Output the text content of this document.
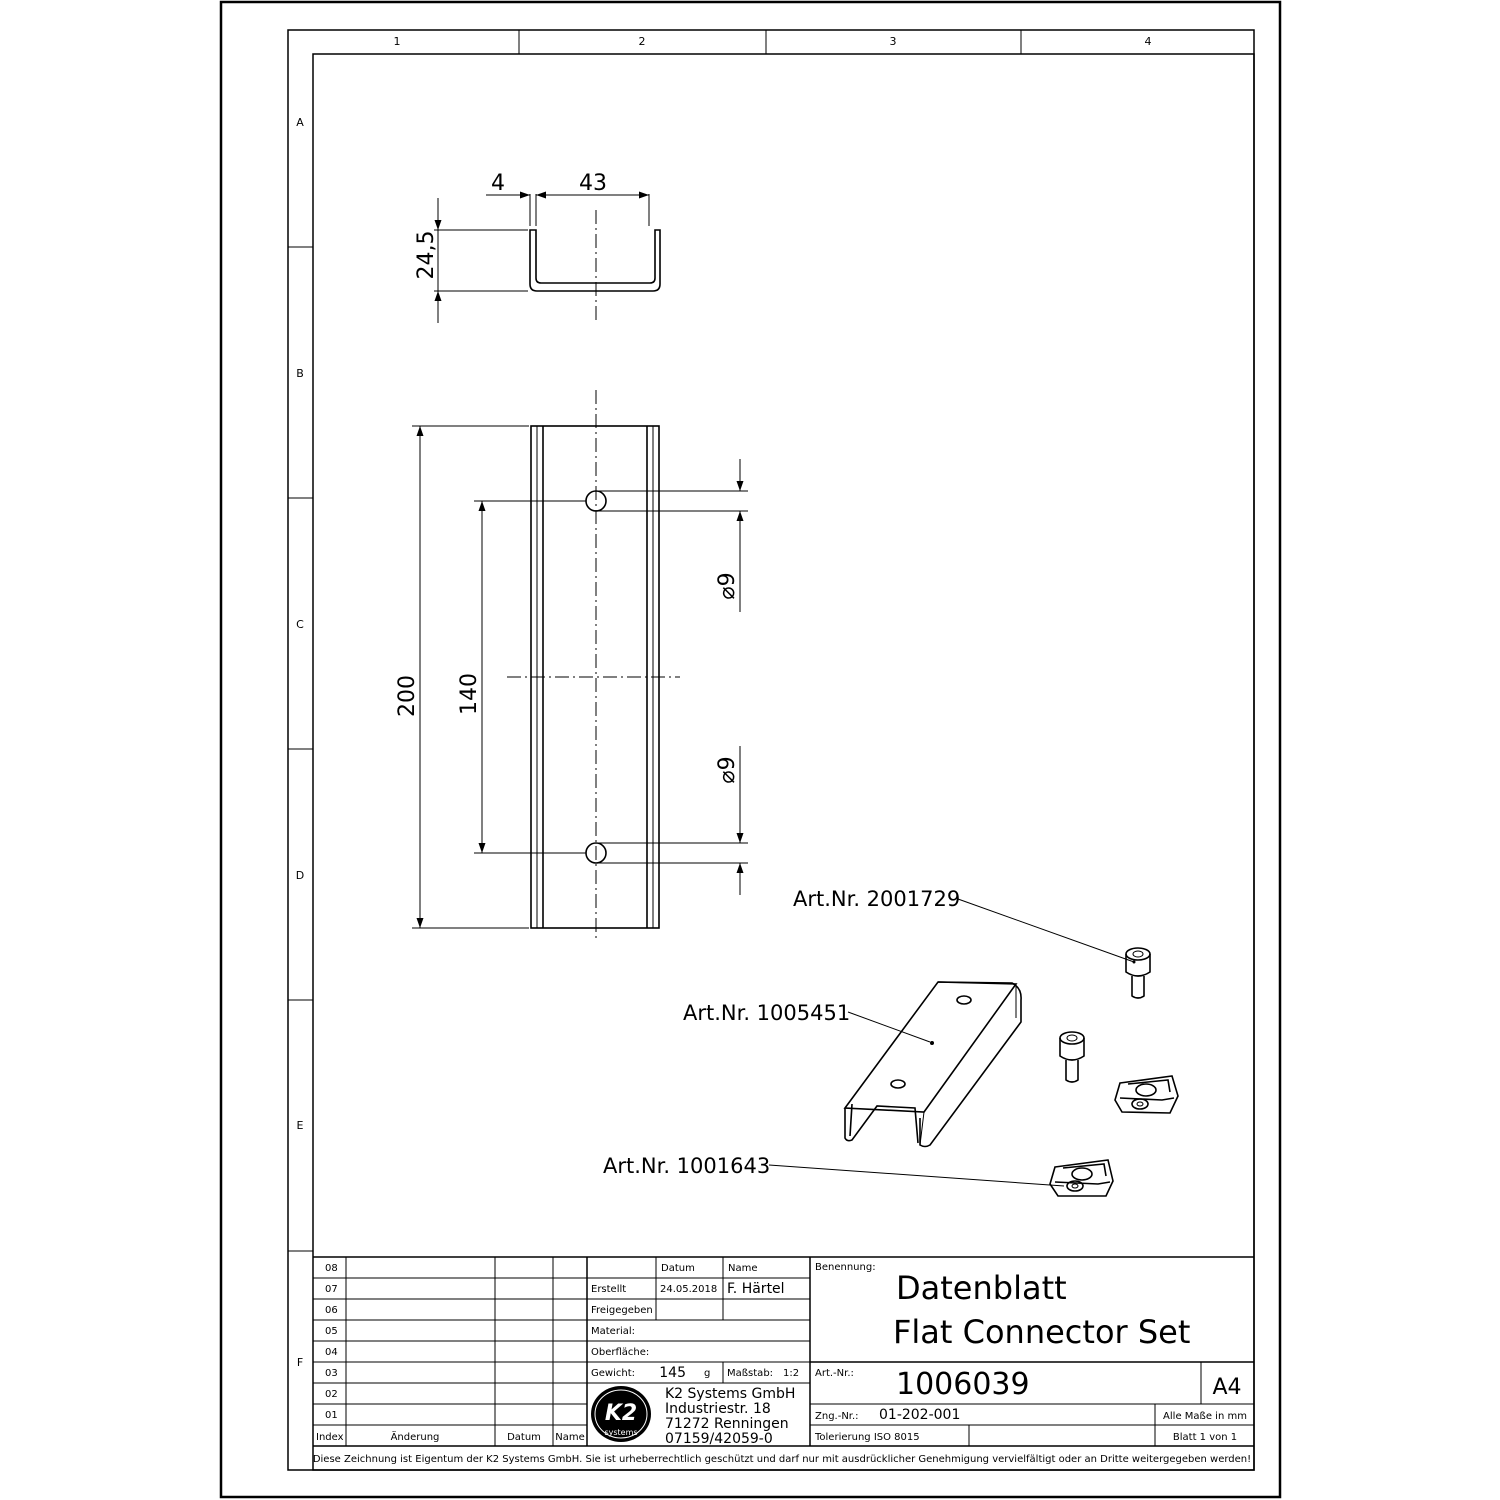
1	2	3	4
A
B
C
D
E
F
4	43
24,5
200 140
⌀9
⌀9
Art.Nr. 2001729
Art.Nr. 1005451
Art.Nr. 1001643
08
07
06
05
04
03
02
01
Index	Änderung	Datum Name
Datum	Name
Erstellt	24.05.2018 F. Härtel
Freigegeben
Material:
Oberfläche:
Gewicht: 145 g Maßstab: 1:2
K2
systems
K2 Systems GmbH
Industriestr. 18
71272 Renningen
07159/42059-0
Benennung:
Datenblatt
Flat Connector Set
Art.-Nr.: 1006039	A4
Zng.-Nr.: 01-202-001	Alle Maße in mm
Tolerierung ISO 8015	Blatt 1 von 1
Diese Zeichnung ist Eigentum der K2 Systems GmbH. Sie ist urheberrechtlich geschützt und darf nur mit ausdrücklicher Genehmigung vervielfältigt oder an Dritte weitergegeben werden!
